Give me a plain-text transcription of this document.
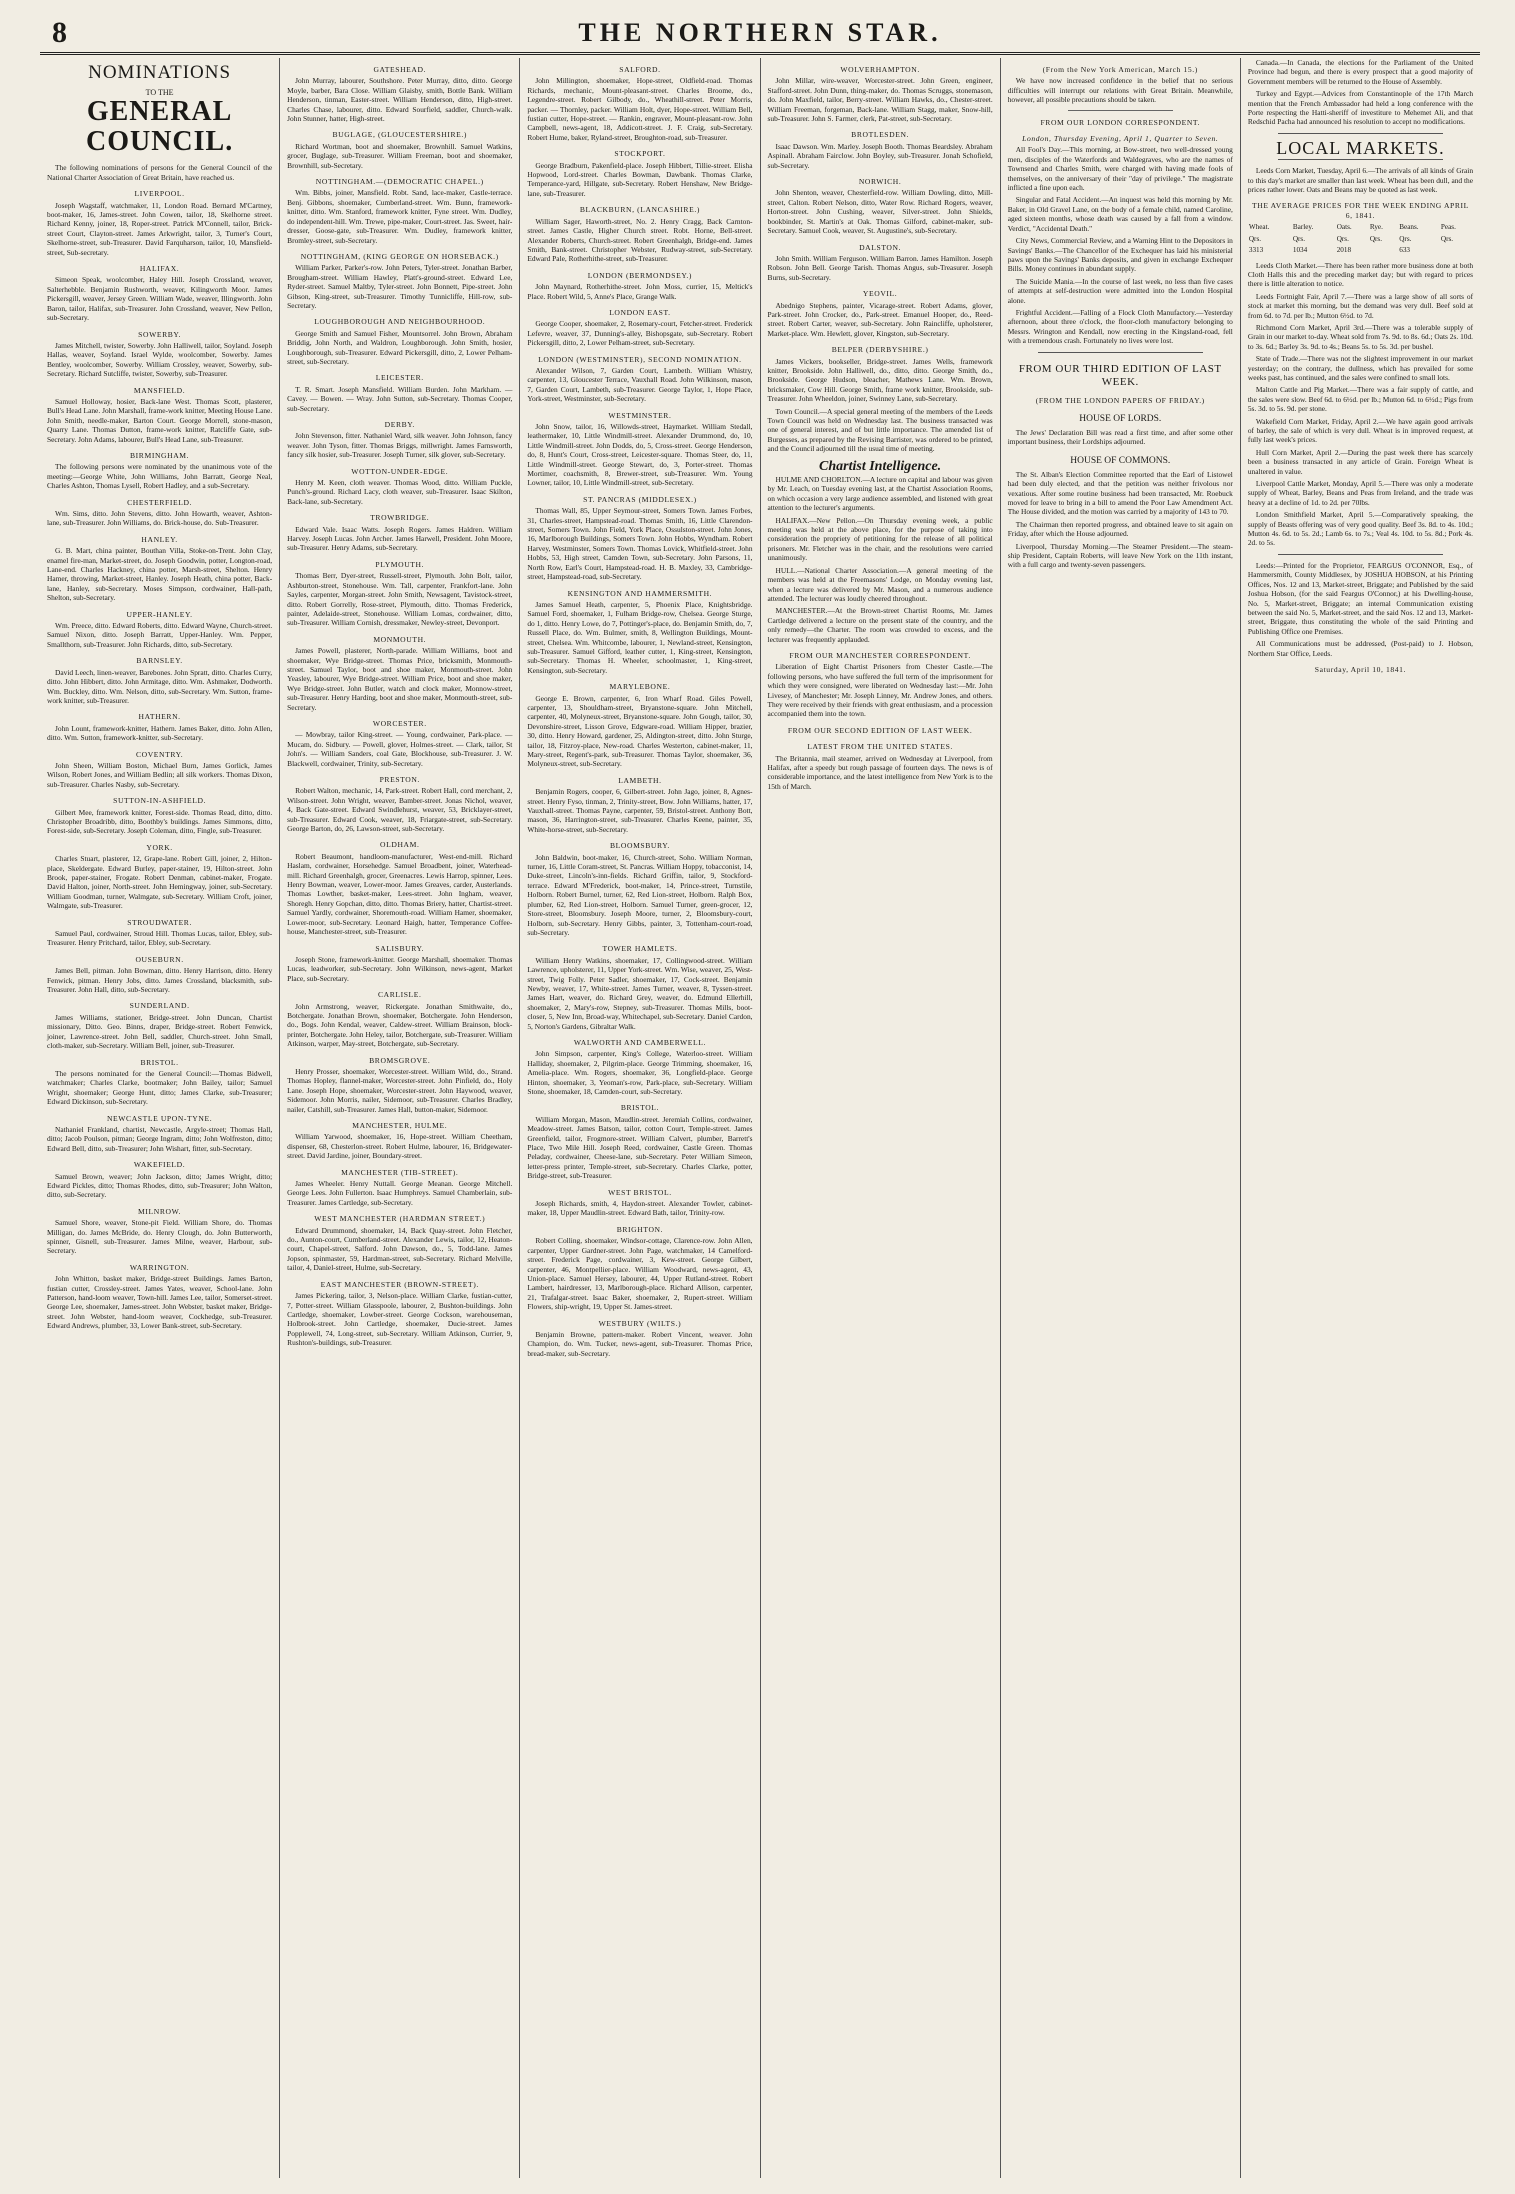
8	THE NORTHERN STAR.

NOMINATIONS

TO THE

GENERAL COUNCIL.

The following nominations of persons for the General Council of the National Charter Association of Great Britain, have reached us.

LIVERPOOL.

Joseph Wagstaff, watchmaker, 11, London Road. Bernard M'Cartney, boot-maker, 16, James-street. John Cowen, tailor, 18, Skelhorne street. Richard Kenny, joiner, 18, Roper-street. Patrick M'Connell, tailor, Brick-street Court, Clayton-street. James Arkwright, tailor, 3, Turner's Court, Skelhorne-street, sub-Treasurer. David Farquharson, tailor, 10, Mansfield-street, Sub-secretary.

HALIFAX.

Simeon Speak, woolcomber, Haley Hill. Joseph Crossland, weaver, Salterhebble. Benjamin Rushworth, weaver, Kilingworth Moor. James Pickersgill, weaver, Jersey Green. William Wade, weaver, Illingworth. John Baron, tailor, Halifax, sub-Treasurer. John Crossland, weaver, New Pellon, sub-Secretary.

SOWERBY.

James Mitchell, twister, Sowerby. John Halliwell, tailor, Soyland. Joseph Hallas, weaver, Soyland. Israel Wylde, woolcomber, Sowerby. James Bentley, woolcomber, Sowerby. William Crossley, weaver, Sowerby, sub-Secretary. Richard Sutcliffe, twister, Sowerby, sub-Treasurer.

MANSFIELD.

Samuel Holloway, hosier, Back-lane West. Thomas Scott, plasterer, Bull's Head Lane. John Marshall, frame-work knitter, Meeting House Lane. John Smith, needle-maker, Barton Court. George Morrell, stone-mason, Quarry Lane. Thomas Dutton, frame-work knitter, Ratcliffe Gate, sub-Secretary. John Adams, labourer, Bull's Head Lane, sub-Treasurer.

BIRMINGHAM.

The following persons were nominated by the unanimous vote of the meeting:—George White, John Williams, John Barratt, George Neal, Charles Ashton, Thomas Lysell, Robert Hadley, and a sub-Secretary.

CHESTERFIELD.

Wm. Sims, ditto. John Stevens, ditto. John Howarth, weaver, Ashton-lane, sub-Treasurer. John Williams, do. Brick-house, do. Sub-Treasurer.

HANLEY.

G. B. Mart, china painter, Bouthan Villa, Stoke-on-Trent. John Clay, enamel fire-man, Market-street, do. Joseph Goodwin, potter, Longton-road, Lane-end. Charles Hackney, china potter, Marsh-street, Shelton. Henry Hamer, throwing, Market-street, Hanley. Joseph Heath, china potter, Back-lane, Hanley, sub-Secretary. Moses Simpson, cordwainer, Hall-path, Shelton, sub-Secretary.

UPPER-HANLEY.

Wm. Preece, ditto. Edward Roberts, ditto. Edward Wayne, Church-street. Samuel Nixon, ditto. Joseph Barratt, Upper-Hanley. Wm. Pepper, Smallthorn, sub-Treasurer. John Richards, ditto, sub-Secretary.

BARNSLEY.

David Leech, linen-weaver, Barebones. John Spratt, ditto. Charles Curry, ditto. John Hibbert, ditto. John Armitage, ditto. Wm. Ashmaker, Dodworth. Wm. Buckley, ditto. Wm. Nelson, ditto, sub-Secretary. Wm. Sutton, frame-work knitter, sub-Treasurer.

HATHERN.

John Lount, framework-knitter, Hathern. James Baker, ditto. John Allen, ditto. Wm. Sutton, framework-knitter, sub-Secretary.

COVENTRY.

John Sheen, William Boston, Michael Burn, James Gorlick, James Wilson, Robert Jones, and William Bedlin; all silk workers. Thomas Dixon, sub-Treasurer. Charles Nasby, sub-Secretary.

SUTTON-IN-ASHFIELD.

Gilbert Mee, framework knitter, Forest-side. Thomas Read, ditto, ditto. Christopher Broadribb, ditto, Boothby's buildings. James Simmons, ditto, Forest-side, sub-Secretary. Joseph Coleman, ditto, Fingle, sub-Treasurer.

YORK.

Charles Stuart, plasterer, 12, Grape-lane. Robert Gill, joiner, 2, Hilton-place, Skeldergate. Edward Burley, paper-stainer, 19, Hilton-street. John Brook, paper-stainer, Frogate. Robert Denman, cabinet-maker, Frogate. David Halton, joiner, North-street. John Hemingway, joiner, sub-Secretary. William Goodman, turner, Walmgate, sub-Secretary. William Croft, joiner, Walmgate, sub-Treasurer.

STROUDWATER.

Samuel Paul, cordwainer, Stroud Hill. Thomas Lucas, tailor, Ebley, sub-Treasurer. Henry Pritchard, tailor, Ebley, sub-Secretary.

OUSEBURN.

James Bell, pitman. John Bowman, ditto. Henry Harrison, ditto. Henry Fenwick, pitman. Henry Jobs, ditto. James Crossland, blacksmith, sub-Treasurer. John Hall, ditto, sub-Secretary.

SUNDERLAND.

James Williams, stationer, Bridge-street. John Duncan, Chartist missionary, Ditto. Geo. Binns, draper, Bridge-street. Robert Fenwick, joiner, Lawrence-street. John Bell, saddler, Church-street. John Small, cloth-maker, sub-Secretary. William Bell, joiner, sub-Treasurer.

BRISTOL.

The persons nominated for the General Council:—Thomas Bidwell, watchmaker; Charles Clarke, bootmaker; John Bailey, tailor; Samuel Wright, shoemaker; George Hunt, ditto; James Clarke, sub-Treasurer; Edward Dickinson, sub-Secretary.

NEWCASTLE UPON-TYNE.

Nathaniel Frankland, chartist, Newcastle, Argyle-street; Thomas Hall, ditto; Jacob Poulson, pitman; George Ingram, ditto; John Wolfreston, ditto; Edward Bell, ditto, sub-Treasurer; John Wishart, fitter, sub-Secretary.

WAKEFIELD.

Samuel Brown, weaver; John Jackson, ditto; James Wright, ditto; Edward Pickles, ditto; Thomas Rhodes, ditto, sub-Treasurer; John Walton, ditto, sub-Secretary.

MILNROW.

Samuel Shore, weaver, Stone-pit Field. William Shore, do. Thomas Milligan, do. James McBride, do. Henry Clough, do. John Butterworth, spinner, Gisnell, sub-Treasurer. James Milne, weaver, Harbour, sub-Secretary.

WARRINGTON.

John Whitton, basket maker, Bridge-street Buildings. James Barton, fustian cutter, Crossley-street. James Yates, weaver, School-lane. John Patterson, hand-loom weaver, Town-hill. James Lee, tailor, Somerset-street. George Lee, shoemaker, James-street. John Webster, basket maker, Bridge-street. John Webster, hand-loom weaver, Cockhedge, sub-Treasurer. Edward Andrews, plumber, 33, Lower Bank-street, sub-Secretary.

GATESHEAD.

John Murray, labourer, Southshore. Peter Murray, ditto, ditto. George Moyle, barber, Bara Close. William Glaisby, smith, Bottle Bank. William Henderson, tinman, Easter-street. William Henderson, ditto, High-street. Charles Chase, labourer, ditto. Edward Sourfield, saddler, Church-walk. John Stunner, hatter, High-street.

BUGLAGE, (GLOUCESTERSHIRE.)

Richard Wortman, boot and shoemaker, Brownhill. Samuel Watkins, grocer, Buglage, sub-Treasurer. William Freeman, boot and shoemaker, Brownhill, sub-Secretary.

NOTTINGHAM.—(DEMOCRATIC CHAPEL.)

Wm. Bibbs, joiner, Mansfield. Robt. Sand, lace-maker, Castle-terrace. Benj. Gibbons, shoemaker, Cumberland-street. Wm. Bunn, framework-knitter, ditto. Wm. Stanford, framework knitter, Fyne street. Wm. Dudley, do independent-hill. Wm. Trewe, pipe-maker, Court-street. Jas. Sweet, hair-dresser, Goose-gate, sub-Treasurer. Wm. Dudley, framework knitter, Bromley-street, sub-Secretary.

NOTTINGHAM, (KING GEORGE ON HORSEBACK.)

William Parker, Parker's-row. John Peters, Tyler-street. Jonathan Barber, Brougham-street. William Hawley, Platt's-ground-street. Edward Lee, Ryder-street. Samuel Maltby, Tyler-street. John Bonnett, Pipe-street. John Gibson, King-street, sub-Treasurer. Timothy Tunnicliffe, Hill-row, sub-Secretary.

LOUGHBOROUGH AND NEIGHBOURHOOD.

George Smith and Samuel Fisher, Mountsorrel. John Brown, Abraham Briddig, John North, and Waldron, Loughborough. John Smith, hosier, Loughborough, sub-Treasurer. Edward Pickersgill, ditto, 2, Lower Pelham-street, sub-Secretary.

LEICESTER.

T. R. Smart. Joseph Mansfield. William Burden. John Markham. — Cavey. — Bowen. — Wray. John Sutton, sub-Secretary. Thomas Cooper, sub-Secretary.

DERBY.

John Stevenson, fitter. Nathaniel Ward, silk weaver. John Johnson, fancy weaver. John Tyson, fitter. Thomas Briggs, millwright. James Farnsworth, fancy silk hosier, sub-Treasurer. Joseph Turner, silk glover, sub-Secretary.

WOTTON-UNDER-EDGE.

Henry M. Keen, cloth weaver. Thomas Wood, ditto. William Puckle, Punch's-ground. Richard Lacy, cloth weaver, sub-Treasurer. Isaac Skilton, Back-lane, sub-Secretary.

TROWBRIDGE.

Edward Vale. Isaac Watts. Joseph Rogers. James Haldren. William Harvey. Joseph Lucas. John Archer. James Harwell, President. John Moore, sub-Treasurer. Henry Adams, sub-Secretary.

PLYMOUTH.

Thomas Berr, Dyer-street, Russell-street, Plymouth. John Bolt, tailor, Ashburton-street, Stonehouse. Wm. Tall, carpenter, Frankfort-lane. John Sayles, carpenter, Morgan-street. John Smith, Newsagent, Tavistock-street, ditto. Robert Gorrelly, Rose-street, Plymouth, ditto. Thomas Frederick, painter, Adelaide-street, Stonehouse. William Lomas, cordwainer, ditto, sub-Treasurer. William Cornish, dressmaker, Newley-street, Devonport.

MONMOUTH.

James Powell, plasterer, North-parade. William Williams, boot and shoemaker, Wye Bridge-street. Thomas Price, bricksmith, Monmouth-street. Samuel Taylor, boot and shoe maker, Monmouth-street. John Yeasley, labourer, Wye Bridge-street. William Price, boot and shoe maker, Wye Bridge-street. John Butler, watch and clock maker, Monnow-street, sub-Treasurer. Henry Harding, boot and shoe maker, Monmouth-street, sub-Secretary.

WORCESTER.

— Mowbray, tailor King-street. — Young, cordwainer, Park-place. — Mucam, do. Sidbury. — Powell, glover, Holmes-street. — Clark, tailor, St John's. — William Sanders, coal Gate, Blockhouse, sub-Treasurer. J. W. Blackwell, cordwainer, Trinity, sub-Secretary.

PRESTON.

Robert Walton, mechanic, 14, Park-street. Robert Hall, cord merchant, 2, Wilson-street. John Wright, weaver, Bamber-street. Jonas Nichol, weaver, 4, Back Gate-street. Edward Swindlehurst, weaver, 53, Bricklayer-street, sub-Treasurer. Edward Cook, weaver, 18, Friargate-street, sub-Secretary. George Barton, do, 26, Lawson-street, sub-Secretary.

OLDHAM.

Robert Beaumont, handloom-manufacturer, West-end-mill. Richard Haslam, cordwainer, Horsehedge. Samuel Broadbent, joiner, Waterhead-mill. Richard Greenhalgh, grocer, Greenacres. Lewis Harrop, spinner, Lees. Henry Bowman, weaver, Lower-moor. James Greaves, carder, Austerlands. Thomas Lowther, basket-maker, Lees-street. John Ingham, weaver, Shoregh. Henry Gopchan, ditto, ditto. Thomas Briery, hatter, Chartist-street. Samuel Yardly, cordwainer, Shoremouth-road. William Hamer, shoemaker, Lower-moor, sub-Secretary. Leonard Haigh, hatter, Temperance Coffee-house, Manchester-street, sub-Treasurer.

SALISBURY.

Joseph Stone, framework-knitter. George Marshall, shoemaker. Thomas Lucas, leadworker, sub-Secretary. John Wilkinson, news-agent, Market Place, sub-Secretary.

CARLISLE.

John Armstrong, weaver, Rickergate. Jonathan Smithwaite, do., Botchergate. Jonathan Brown, shoemaker, Botchergate. John Henderson, do., Bogs. John Kendal, weaver, Caldew-street. William Brainson, block-printer, Botchergate. John Heley, tailor, Botchergate, sub-Treasurer. William Atkinson, warper, May-street, Botchergate, sub-Secretary.

BROMSGROVE.

Henry Prosser, shoemaker, Worcester-street. William Wild, do., Strand. Thomas Hopley, flannel-maker, Worcester-street. John Pinfield, do., Holy Lane. Joseph Hope, shoemaker, Worcester-street. John Haywood, weaver, Sidemoor. John Morris, nailer, Sidemoor, sub-Treasurer. Charles Bradley, nailer, Catshill, sub-Treasurer. James Hall, button-maker, Sidemoor.

MANCHESTER, HULME.

William Yarwood, shoemaker, 16, Hope-street. William Cheetham, dispenser, 68, Chesterlon-street. Robert Hulme, labourer, 16, Bridgewater-street. David Jardine, joiner, Boundary-street.

MANCHESTER (TIB-STREET).

James Wheeler. Henry Nuttall. George Meanan. George Mitchell. George Lees. John Fullerton. Isaac Humphreys. Samuel Chamberlain, sub-Treasurer. James Cartledge, sub-Secretary.

WEST MANCHESTER (HARDMAN STREET.)

Edward Drummond, shoemaker, 14, Back Quay-street. John Fletcher, do., Aunton-court, Cumberland-street. Alexander Lewis, tailor, 12, Heaton-court, Chapel-street, Salford. John Dawson, do., 5, Todd-lane. James Jopson, spinmaster, 59, Hardman-street, sub-Secretary. Richard Melville, tailor, 4, Daniel-street, Hulme, sub-Secretary.

EAST MANCHESTER (BROWN-STREET).

James Pickering, tailor, 3, Nelson-place. William Clarke, fustian-cutter, 7, Potter-street. William Glasspoole, labourer, 2, Bushton-buildings. John Cartledge, shoemaker, Lowber-street. George Cockson, warehouseman, Holbrook-street. John Cartledge, shoemaker, Ducie-street. James Popplewell, 74, Long-street, sub-Secretary. William Atkinson, Currier, 9, Rushton's-buildings, sub-Treasurer.

SALFORD.

John Millington, shoemaker, Hope-street, Oldfield-road. Thomas Richards, mechanic, Mount-pleasant-street. Charles Broome, do., Legendre-street. Robert Gilbody, do., Wheathill-street. Peter Morris, packer. — Thornley, packer. William Holt, dyer, Hope-street. William Bell, fustian cutter, Hope-street. — Rankin, engraver, Mount-pleasant-row. John Campbell, news-agent, 18, Addicott-street. J. F. Craig, sub-Secretary. Robert Hume, baker, Ryland-street, Broughton-road, sub-Treasurer.

STOCKPORT.

George Bradburn, Pakenfield-place. Joseph Hibbert, Tillie-street. Elisha Hopwood, Lord-street. Charles Bowman, Dawbank. Thomas Clarke, Temperance-yard, Hillgate, sub-Secretary. Robert Henshaw, New Bridge-lane, sub-Treasurer.

BLACKBURN, (LANCASHIRE.)

William Sager, Haworth-street, No. 2. Henry Cragg, Back Carnton-street. James Castle, Higher Church street. Robt. Horne, Bell-street. Alexander Roberts, Church-street. Robert Greenhalgh, Bridge-end. James Smith, Bank-street. Christopher Webster, Rudway-street, sub-Secretary. Edward Pale, Rotherhithe-street, sub-Treasurer.

LONDON (BERMONDSEY.)

John Maynard, Rotherhithe-street. John Moss, currier, 15, Meltick's Place. Robert Wild, 5, Anne's Place, Grange Walk.

LONDON EAST.

George Cooper, shoemaker, 2, Rosemary-court, Fetcher-street. Frederick Lefevre, weaver, 37, Dunning's-alley, Bishopsgate, sub-Secretary. Robert Pickersgill, ditto, 2, Lower Pelham-street, sub-Secretary.

LONDON (WESTMINSTER), SECOND NOMINATION.

Alexander Wilson, 7, Garden Court, Lambeth. William Whistry, carpenter, 13, Gloucester Terrace, Vauxhall Road. John Wilkinson, mason, 7, Garden Court, Lambeth, sub-Treasurer. George Taylor, 1, Hope Place, York-street, Westminster, sub-Secretary.

WESTMINSTER.

John Snow, tailor, 16, Willowds-street, Haymarket. William Stedall, leathermaker, 10, Little Windmill-street. Alexander Drummond, do, 10, Little Windmill-street. John Dodds, do, 5, Cross-street. George Henderson, do, 8, Hunt's Court, Cross-street, Leicester-square. Thomas Steer, do, 11, Little Windmill-street. George Stewart, do, 3, Porter-street. Thomas Mortimer, coachsmith, 8, Brewer-street, sub-Treasurer. Wm. Young Lowner, tailor, 10, Little Windmill-street, sub-Secretary.

ST. PANCRAS (MIDDLESEX.)

Thomas Wall, 85, Upper Seymour-street, Somers Town. James Forbes, 31, Charles-street, Hampstead-road. Thomas Smith, 16, Little Clarendon-street, Somers Town. John Field, York Place, Ossulston-street. John Jones, 16, Marlborough Buildings, Somers Town. John Hobbs, Wyndham. Robert Harvey, Westminster, Somers Town. Thomas Lovick, Whitfield-street. John Hobbs, 53, High street, Camden Town, sub-Secretary. John Parsons, 11, North Row, Earl's Court, Hampstead-road. H. B. Maxley, 33, Cambridge-street, Hampstead-road, sub-Secretary.

KENSINGTON AND HAMMERSMITH.

James Samuel Heath, carpenter, 5, Phoenix Place, Knightsbridge. Samuel Ford, shoemaker, 1, Fulham Bridge-row, Chelsea. George Sturge, do 1, ditto. Henry Lowe, do 7, Pottinger's-place, do. Benjamin Smith, do, 7, Russell Place, do. Wm. Bulmer, smith, 8, Wellington Buildings, Mount-street, Chelsea. Wm. Whitcombe, labourer, 1, Newland-street, Kensington, sub-Treasurer. Samuel Gifford, leather cutter, 1, King-street, Kensington, sub-Secretary. Thomas H. Wheeler, schoolmaster, 1, King-street, Kensington, sub-Secretary.

MARYLEBONE.

George E. Brown, carpenter, 6, Iron Wharf Road. Giles Powell, carpenter, 13, Shouldham-street, Bryanstone-square. John Mitchell, carpenter, 40, Molyneux-street, Bryanstone-square. John Gough, tailor, 30, Devonshire-street, Lisson Grove, Edgware-road. William Hipper, brazier, 30, ditto. Henry Howard, gardener, 25, Aldington-street, ditto. John Sturge, tailor, 18, Fitzroy-place, New-road. Charles Westerton, cabinet-maker, 11, Mary-street, Regent's-park, sub-Treasurer. Thomas Taylor, shoemaker, 36, Molyneux-street, sub-Secretary.

LAMBETH.

Benjamin Rogers, cooper, 6, Gilbert-street. John Jago, joiner, 8, Agnes-street. Henry Fyso, tinman, 2, Trinity-street, Bow. John Williams, hatter, 17, Vauxhall-street. Thomas Payne, carpenter, 59, Bristol-street. Anthony Bott, mason, 36, Harrington-street, sub-Treasurer. Charles Keene, painter, 35, White-horse-street, sub-Secretary.

BLOOMSBURY.

John Baldwin, boot-maker, 16, Church-street, Soho. William Norman, turner, 16, Little Coram-street, St. Pancras. William Hoppy, tobacconist, 14, Duke-street, Lincoln's-inn-fields. Richard Griffin, tailor, 9, Stockford-terrace. Edward M'Frederick, boot-maker, 14, Prince-street, Turnstile, Holborn. Robert Burnel, turner, 62, Red Lion-street, Holborn. Ralph Box, plumber, 62, Red Lion-street, Holborn. Samuel Turner, green-grocer, 12, Store-street, Bloomsbury. Joseph Moore, turner, 2, Bloomsbury-court, Holborn, sub-Secretary. Henry Gibbs, painter, 3, Tottenham-court-road, sub-Secretary.

TOWER HAMLETS.

William Henry Watkins, shoemaker, 17, Collingwood-street. William Lawrence, upholsterer, 11, Upper York-street. Wm. Wise, weaver, 25, West-street, Twig Folly. Peter Sadler, shoemaker, 17, Cock-street. Benjamin Newby, weaver, 17, White-street. James Turner, weaver, 8, Tyssen-street. James Hart, weaver, do. Richard Grey, weaver, do. Edmund Ellerhill, shoemaker, 2, Mary's-row, Stepney, sub-Treasurer. Thomas Mills, boot-closer, 5, New Inn, Broad-way, Whitechapel, sub-Secretary. Daniel Cardon, 5, Norton's Gardens, Gibraltar Walk.

WALWORTH AND CAMBERWELL.

John Simpson, carpenter, King's College, Waterloo-street. William Halliday, shoemaker, 2, Pilgrim-place. George Trimming, shoemaker, 16, Amelia-place. Wm. Rogers, shoemaker, 36, Longfield-place. George Hinton, shoemaker, 3, Yeoman's-row, Park-place, sub-Secretary. William Stone, shoemaker, 18, Camden-court, sub-Secretary.

BRISTOL.

William Morgan, Mason, Maudlin-street. Jeremiah Collins, cordwainer, Meadow-street. James Batson, tailor, cotton Court, Temple-street. James Greenfield, tailor, Frogmore-street. William Calvert, plumber, Barrett's Place, Two Mile Hill. Joseph Reed, cordwainer, Castle Green. Thomas Peladay, cordwainer, Cheese-lane, sub-Secretary. Peter William Simeon, letter-press printer, Temple-street, sub-Secretary. Charles Clarke, potter, Bridge-street, sub-Treasurer.

WEST BRISTOL.

Joseph Richards, smith, 4, Haydon-street. Alexander Towler, cabinet-maker, 18, Upper Maudlin-street. Edward Bath, tailor, Trinity-row.

BRIGHTON.

Robert Colling, shoemaker, Windsor-cottage, Clarence-row. John Allen, carpenter, Upper Gardner-street. John Page, watchmaker, 14 Camelford-street. Frederick Page, cordwainer, 3, Kew-street. George Gilbert, carpenter, 46, Montpellier-place. William Woodward, news-agent, 43, Union-place. Samuel Hersey, labourer, 44, Upper Rutland-street. Robert Lambert, hairdresser, 13, Marlborough-place. Richard Allison, carpenter, 21, Trafalgar-street. Isaac Baker, shoemaker, 2, Rupert-street. William Flowers, ship-wright, 19, Upper St. James-street.

WESTBURY (WILTS.)

Benjamin Browne, pattern-maker. Robert Vincent, weaver. John Champion, do. Wm. Tucker, news-agent, sub-Treasurer. Thomas Price, bread-maker, sub-Secretary.

WOLVERHAMPTON.

John Millar, wire-weaver, Worcester-street. John Green, engineer, Stafford-street. John Dunn, thing-maker, do. Thomas Scruggs, stonemason, do. John Maxfield, tailor, Berry-street. William Hawks, do., Chester-street. William Freeman, forgeman, Back-lane. William Stagg, maker, Snow-hill, sub-Treasurer. John S. Farmer, clerk, Pat-street, sub-Secretary.

BROTLESDEN.

Isaac Dawson. Wm. Marley. Joseph Booth. Thomas Beardsley. Abraham Aspinall. Abraham Fairclow. John Boyley, sub-Treasurer. Jonah Schofield, sub-Secretary.

NORWICH.

John Shenton, weaver, Chesterfield-row. William Dowling, ditto, Mill-street, Calton. Robert Nelson, ditto, Water Row. Richard Rogers, weaver, Horton-street. John Cushing, weaver, Silver-street. John Shields, bookbinder, St. Martin's at Oak. Thomas Gilford, cabinet-maker, sub-Secretary. Samuel Cook, weaver, St. Augustine's, sub-Secretary.

DALSTON.

John Smith. William Ferguson. William Barron. James Hamilton. Joseph Robson. John Bell. George Tarish. Thomas Angus, sub-Treasurer. Joseph Burns, sub-Secretary.

YEOVIL.

Abednigo Stephens, painter, Vicarage-street. Robert Adams, glover, Park-street. John Crocker, do., Park-street. Emanuel Hooper, do., Reed-street. Robert Carter, weaver, sub-Secretary. John Raincliffe, upholsterer, Market-place. Wm. Hewlett, glover, Kingston, sub-Secretary.

BELPER (DERBYSHIRE.)

James Vickers, bookseller, Bridge-street. James Wells, framework knitter, Brookside. John Halliwell, do., ditto, ditto. George Smith, do., Brookside. George Hudson, bleacher, Mathews Lane. Wm. Brown, bricksmaker, Cow Hill. George Smith, frame work knitter, Brookside, sub-Treasurer. John Wheeldon, joiner, Swinney Lane, sub-Secretary.

Town Council.—A special general meeting of the members of the Leeds Town Council was held on Wednesday last. The business transacted was one of general interest, and of but little importance. The amended list of Burgesses, as prepared by the Revising Barrister, was ordered to be printed, and the Council adjourned till the usual time of meeting.

Chartist Intelligence.

HULME AND CHORLTON.—A lecture on capital and labour was given by Mr. Leach, on Tuesday evening last, at the Chartist Association Rooms, on which occasion a very large audience assembled, and listened with great attention to the lecturer's arguments.

HALIFAX.—New Pellon.—On Thursday evening week, a public meeting was held at the above place, for the purpose of taking into consideration the propriety of petitioning for the release of all political prisoners. Mr. Fletcher was in the chair, and the resolutions were carried unanimously.

HULL.—National Charter Association.—A general meeting of the members was held at the Freemasons' Lodge, on Monday evening last, when a lecture was delivered by Mr. Mason, and a numerous audience attended. The lecturer was loudly cheered throughout.

MANCHESTER.—At the Brown-street Chartist Rooms, Mr. James Cartledge delivered a lecture on the present state of the country, and the only remedy—the Charter. The room was crowded to excess, and the lecturer was frequently applauded.

FROM OUR MANCHESTER CORRESPONDENT.

Liberation of Eight Chartist Prisoners from Chester Castle.—The following persons, who have suffered the full term of the imprisonment for which they were consigned, were liberated on Wednesday last:—Mr. John Livesey, of Manchester; Mr. Joseph Linney, Mr. Andrew Jones, and others. They were received by their friends with great enthusiasm, and a procession accompanied them into the town.

FROM OUR SECOND EDITION OF LAST WEEK.

LATEST FROM THE UNITED STATES.

The Britannia, mail steamer, arrived on Wednesday at Liverpool, from Halifax, after a speedy but rough passage of fourteen days. The news is of considerable importance, and the latest intelligence from New York is to the 15th of March.

(From the New York American, March 15.)

We have now increased confidence in the belief that no serious difficulties will interrupt our relations with Great Britain. Meanwhile, however, all possible precautions should be taken.

FROM OUR LONDON CORRESPONDENT.

London, Thursday Evening, April 1, Quarter to Seven.

All Fool's Day.—This morning, at Bow-street, two well-dressed young men, disciples of the Waterfords and Waldegraves, who are the names of Townsend and Charles Smith, were charged with having made fools of themselves, on the anniversary of their "day of privilege." The magistrate inflicted a fine upon each.

Singular and Fatal Accident.—An inquest was held this morning by Mr. Baker, in Old Gravel Lane, on the body of a female child, named Caroline, aged sixteen months, whose death was caused by a fall from a window. Verdict, "Accidental Death."

City News, Commercial Review, and a Warning Hint to the Depositors in Savings' Banks.—The Chancellor of the Exchequer has laid his ministerial paws upon the Savings' Banks deposits, and given in exchange Exchequer Bills. Money continues in abundant supply.

The Suicide Mania.—In the course of last week, no less than five cases of attempts at self-destruction were admitted into the London Hospital alone.

Frightful Accident.—Falling of a Flock Cloth Manufactory.—Yesterday afternoon, about three o'clock, the floor-cloth manufactory belonging to Messrs. Wrington and Kendall, now erecting in the Kingsland-road, fell with a tremendous crash. Fortunately no lives were lost.

FROM OUR THIRD EDITION OF LAST WEEK.

(FROM THE LONDON PAPERS OF FRIDAY.)

HOUSE OF LORDS.

The Jews' Declaration Bill was read a first time, and after some other important business, their Lordships adjourned.

HOUSE OF COMMONS.

The St. Alban's Election Committee reported that the Earl of Listowel had been duly elected, and that the petition was neither frivolous nor vexatious. After some routine business had been transacted, Mr. Roebuck moved for leave to bring in a bill to amend the Poor Law Amendment Act. The House divided, and the motion was carried by a majority of 143 to 70.

The Chairman then reported progress, and obtained leave to sit again on Friday, after which the House adjourned.

Liverpool, Thursday Morning.—The Steamer President.—The steam-ship President, Captain Roberts, will leave New York on the 11th instant, with a full cargo and twenty-seven passengers.

Canada.—In Canada, the elections for the Parliament of the United Province had begun, and there is every prospect that a good majority of Government members will be returned to the House of Assembly.

Turkey and Egypt.—Advices from Constantinople of the 17th March mention that the French Ambassador had held a long conference with the Porte respecting the Hatti-sheriff of investiture to Mehemet Ali, and that Redschid Pacha had announced his resolution to accept no modifications.

LOCAL MARKETS.

Leeds Corn Market, Tuesday, April 6.—The arrivals of all kinds of Grain to this day's market are smaller than last week. Wheat has been dull, and the prices rather lower. Oats and Beans may be quoted as last week.

THE AVERAGE PRICES FOR THE WEEK ENDING APRIL 6, 1841.

Wheat.	Barley.	Oats.	Rye.	Beans.	Peas.
Qrs.	Qrs.	Qrs.	Qrs.	Qrs.	Qrs.
3313	1034	2018		633	

Leeds Cloth Market.—There has been rather more business done at both Cloth Halls this and the preceding market day; but with regard to prices there is little alteration to notice.

Leeds Fortnight Fair, April 7.—There was a large show of all sorts of stock at market this morning, but the demand was very dull. Beef sold at from 6d. to 7d. per lb.; Mutton 6½d. to 7d.

Richmond Corn Market, April 3rd.—There was a tolerable supply of Grain in our market to-day. Wheat sold from 7s. 9d. to 8s. 6d.; Oats 2s. 10d. to 3s. 6d.; Barley 3s. 9d. to 4s.; Beans 5s. to 5s. 3d. per bushel.

State of Trade.—There was not the slightest improvement in our market yesterday; on the contrary, the dullness, which has prevailed for some weeks past, has continued, and the sales were confined to small lots.

Malton Cattle and Pig Market.—There was a fair supply of cattle, and the sales were slow. Beef 6d. to 6½d. per lb.; Mutton 6d. to 6½d.; Pigs from 5s. 3d. to 5s. 9d. per stone.

Wakefield Corn Market, Friday, April 2.—We have again good arrivals of barley, the sale of which is very dull. Wheat is in improved request, at fully last week's prices.

Hull Corn Market, April 2.—During the past week there has scarcely been a business transacted in any article of Grain. Foreign Wheat is unaltered in value.

Liverpool Cattle Market, Monday, April 5.—There was only a moderate supply of Wheat, Barley, Beans and Peas from Ireland, and the trade was heavy at a decline of 1d. to 2d. per 70lbs.

London Smithfield Market, April 5.—Comparatively speaking, the supply of Beasts offering was of very good quality. Beef 3s. 8d. to 4s. 10d.; Mutton 4s. 6d. to 5s. 2d.; Lamb 6s. to 7s.; Veal 4s. 10d. to 5s. 8d.; Pork 4s. 2d. to 5s.

Leeds:—Printed for the Proprietor, FEARGUS O'CONNOR, Esq., of Hammersmith, County Middlesex, by JOSHUA HOBSON, at his Printing Offices, Nos. 12 and 13, Market-street, Briggate; and Published by the said Joshua Hobson, (for the said Feargus O'Connor,) at his Dwelling-house, No. 5, Market-street, Briggate; an internal Communication existing between the said No. 5, Market-street, and the said Nos. 12 and 13, Market-street, Briggate, thus constituting the whole of the said Printing and Publishing Office one Premises.

All Communications must be addressed, (Post-paid) to J. Hobson, Northern Star Office, Leeds.

Saturday, April 10, 1841.
